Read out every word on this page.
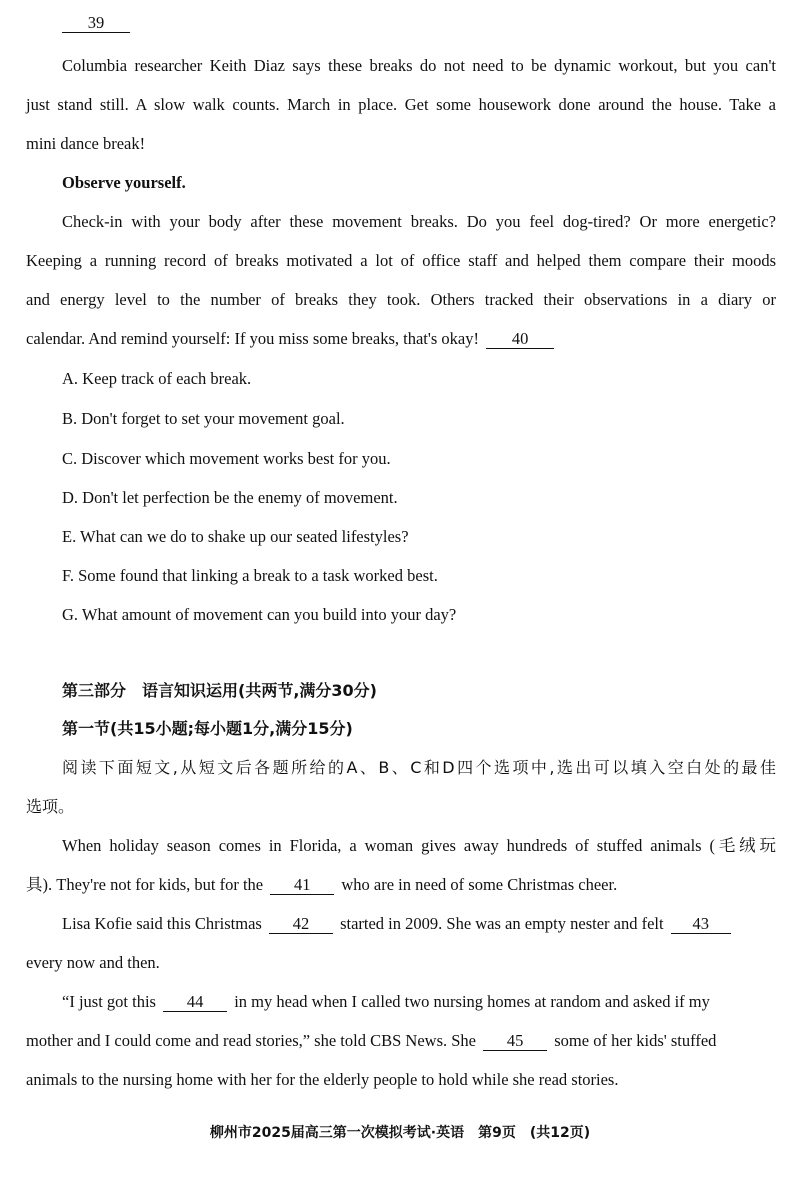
39
Columbia researcher Keith Diaz says these breaks do not need to be dynamic workout, but you can't
just stand still. A slow walk counts. March in place. Get some housework done around the house. Take a
mini dance break!
Observe yourself.
Check-in with your body after these movement breaks. Do you feel dog-tired? Or more energetic?
Keeping a running record of breaks motivated a lot of office staff and helped them compare their moods
and energy level to the number of breaks they took. Others tracked their observations in a diary or
calendar. And remind yourself: If you miss some breaks, that's okay! 40
A. Keep track of each break.
B. Don't forget to set your movement goal.
C. Discover which movement works best for you.
D. Don't let perfection be the enemy of movement.
E. What can we do to shake up our seated lifestyles?
F. Some found that linking a break to a task worked best.
G. What amount of movement can you build into your day?
第三部分　语言知识运用(共两节,满分30分)
第一节(共15小题;每小题1分,满分15分)
阅读下面短文,从短文后各题所给的A、B、C和D四个选项中,选出可以填入空白处的最佳
选项。
When holiday season comes in Florida, a woman gives away hundreds of stuffed animals (毛绒玩
具). They're not for kids, but for the 41 who are in need of some Christmas cheer.
Lisa Kofie said this Christmas 42 started in 2009. She was an empty nester and felt 43
every now and then.
“I just got this 44 in my head when I called two nursing homes at random and asked if my
mother and I could come and read stories,” she told CBS News. She 45 some of her kids' stuffed
animals to the nursing home with her for the elderly people to hold while she read stories.
柳州市2025届高三第一次模拟考试·英语　第9页　(共12页)
